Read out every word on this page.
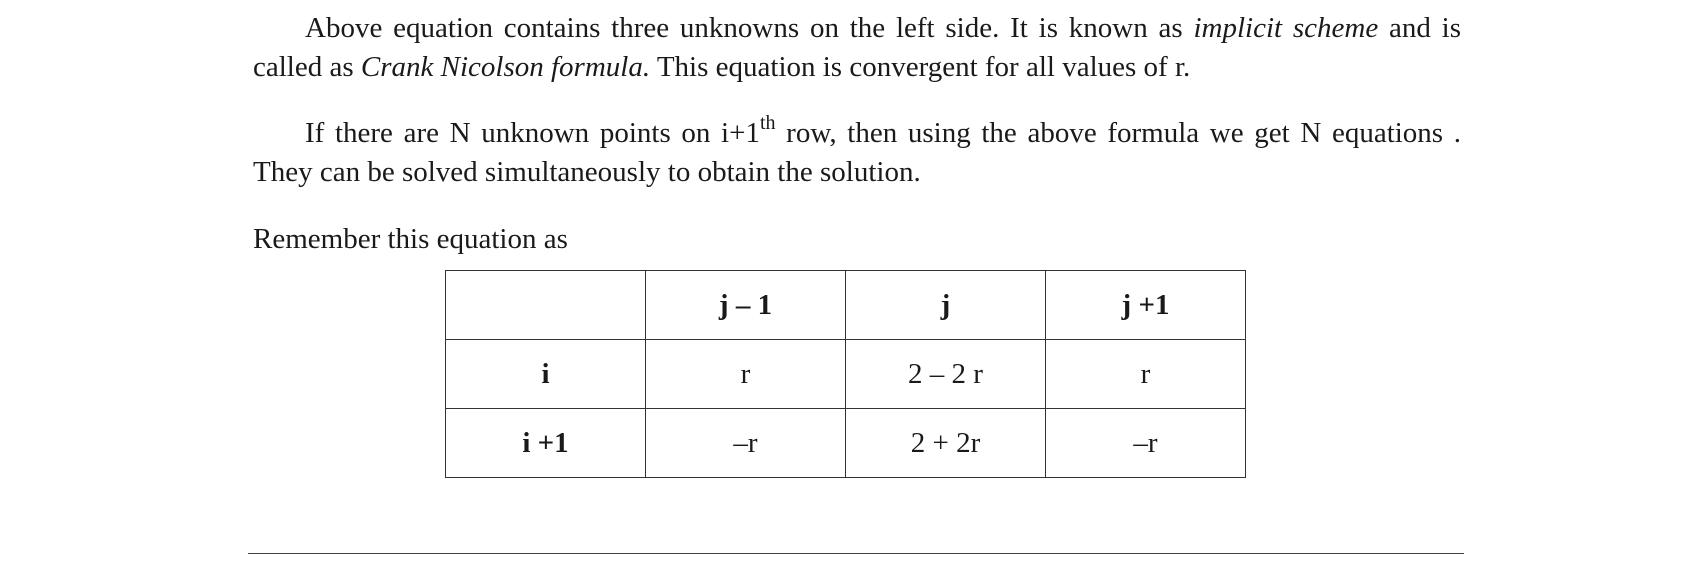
Above equation contains three unknowns on the left side. It is known as implicit scheme and is called as Crank Nicolson formula. This equation is convergent for all values of r.

If there are N unknown points on i+1th row, then using the above formula we get N equations . They can be solved simultaneously to obtain the solution.

Remember this equation as

	j – 1	j	j +1
i	r	2 – 2 r	r
i +1	–r	2 + 2r	–r
